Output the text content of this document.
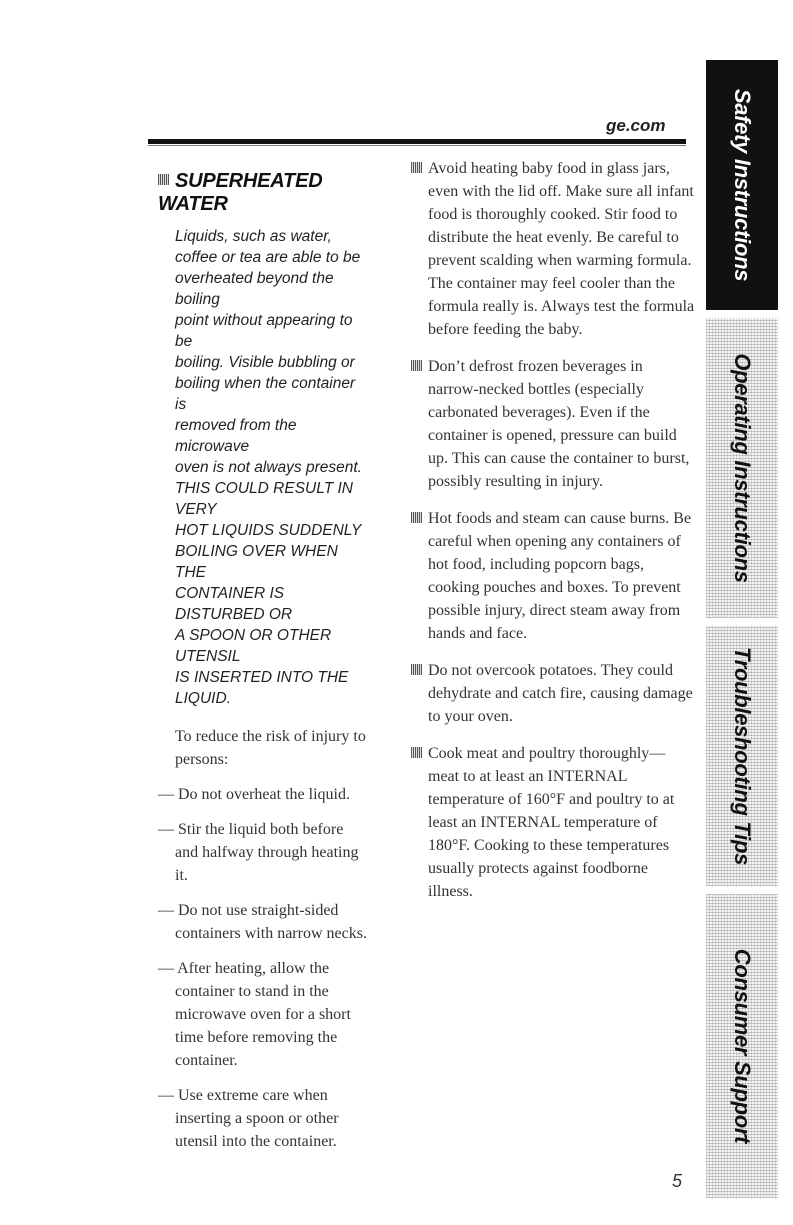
ge.com
SUPERHEATED WATER
Liquids, such as water,
coffee or tea are able to be
overheated beyond the boiling
point without appearing to be
boiling. Visible bubbling or
boiling when the container is
removed from the microwave
oven is not always present.
THIS COULD RESULT IN VERY
HOT LIQUIDS SUDDENLY
BOILING OVER WHEN THE
CONTAINER IS DISTURBED OR
A SPOON OR OTHER UTENSIL
IS INSERTED INTO THE LIQUID.
To reduce the risk of injury to persons:
— Do not overheat the liquid.
— Stir the liquid both before and halfway through heating it.
— Do not use straight-sided containers with narrow necks.
— After heating, allow the container to stand in the microwave oven for a short time before removing the container.
— Use extreme care when inserting a spoon or other utensil into the container.
Avoid heating baby food in glass jars, even with the lid off. Make sure all infant food is thoroughly cooked. Stir food to distribute the heat evenly. Be careful to prevent scalding when warming formula. The container may feel cooler than the formula really is. Always test the formula before feeding the baby.
Don’t defrost frozen beverages in narrow-necked bottles (especially carbonated beverages). Even if the container is opened, pressure can build up. This can cause the container to burst, possibly resulting in injury.
Hot foods and steam can cause burns. Be careful when opening any containers of hot food, including popcorn bags, cooking pouches and boxes. To prevent possible injury, direct steam away from hands and face.
Do not overcook potatoes. They could dehydrate and catch fire, causing damage to your oven.
Cook meat and poultry thoroughly—meat to at least an INTERNAL temperature of 160°F and poultry to at least an INTERNAL temperature of 180°F. Cooking to these temperatures usually protects against foodborne illness.
5
Safety Instructions
Operating Instructions
Troubleshooting Tips
Consumer Support
